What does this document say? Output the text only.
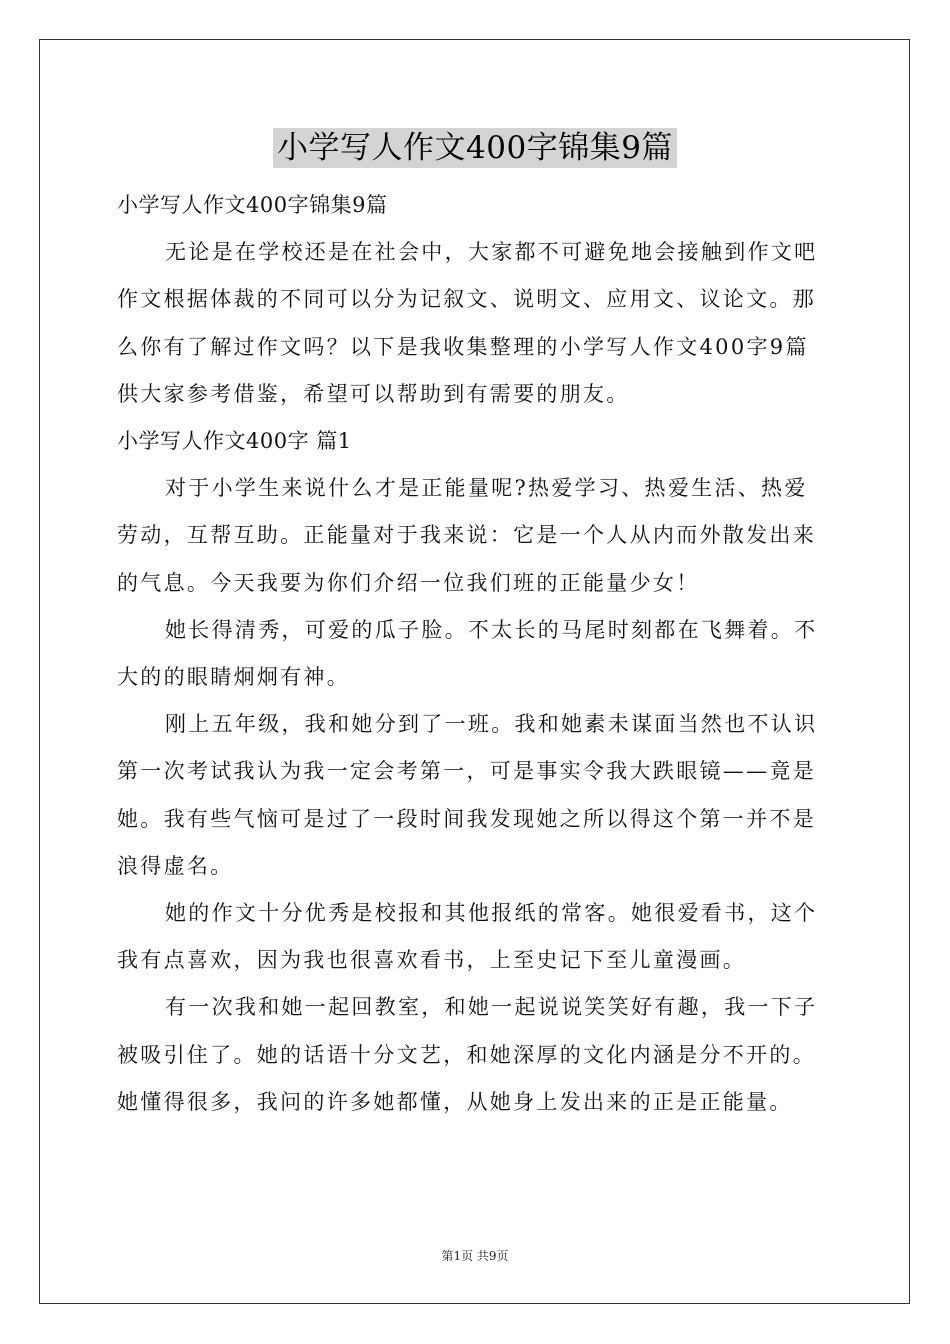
小学写人作文400字锦集9篇
小学写人作文400字锦集9篇
无论是在学校还是在社会中，大家都不可避免地会接触到作文吧
作文根据体裁的不同可以分为记叙文、说明文、应用文、议论文。那
么你有了解过作文吗？以下是我收集整理的小学写人作文400字9篇
供大家参考借鉴，希望可以帮助到有需要的朋友。
小学写人作文400字 篇1
对于小学生来说什么才是正能量呢?热爱学习、热爱生活、热爱
劳动，互帮互助。正能量对于我来说：它是一个人从内而外散发出来
的气息。今天我要为你们介绍一位我们班的正能量少女！
她长得清秀，可爱的瓜子脸。不太长的马尾时刻都在飞舞着。不
大的的眼睛炯炯有神。
刚上五年级，我和她分到了一班。我和她素未谋面当然也不认识
第一次考试我认为我一定会考第一，可是事实令我大跌眼镜——竟是
她。我有些气恼可是过了一段时间我发现她之所以得这个第一并不是
浪得虚名。
她的作文十分优秀是校报和其他报纸的常客。她很爱看书，这个
我有点喜欢，因为我也很喜欢看书，上至史记下至儿童漫画。
有一次我和她一起回教室，和她一起说说笑笑好有趣，我一下子
被吸引住了。她的话语十分文艺，和她深厚的文化内涵是分不开的。
她懂得很多，我问的许多她都懂，从她身上发出来的正是正能量。
第1页 共9页
